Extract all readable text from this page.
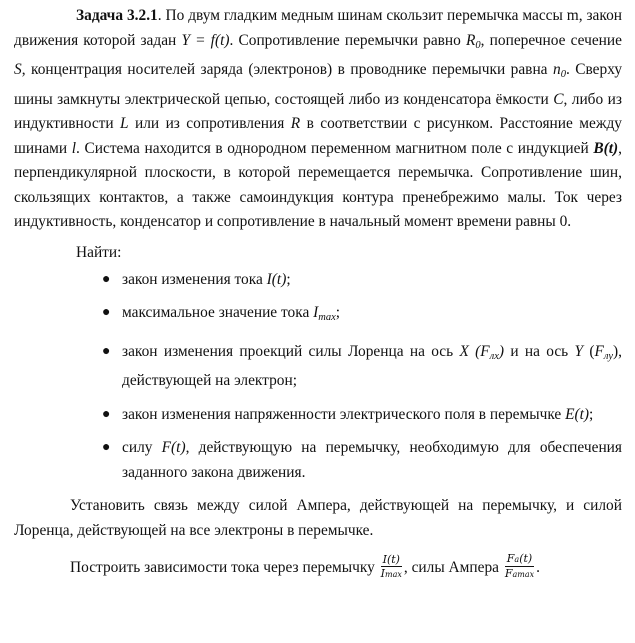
Задача 3.2.1. По двум гладким медным шинам скользит перемычка массы m, закон движения которой задан Y = f(t). Сопротивление перемычки равно $R_0$, поперечное сечение S, концентрация носителей заряда (электронов) в проводнике перемычки равна $n_0$. Сверху шины замкнуты электрической цепью, состоящей либо из конденсатора ёмкости C, либо из индуктивности L или из сопротивления R в соответствии с рисунком. Расстояние между шинами l. Система находится в однородном переменном магнитном поле с индукцией B(t), перпендикулярной плоскости, в которой перемещается перемычка. Сопротивление шин, скользящих контактов, а также самоиндукция контура пренебрежимо малы. Ток через индуктивность, конденсатор и сопротивление в начальный момент времени равны 0.

Найти:

● закон изменения тока I(t);
● максимальное значение тока $I_{max}$;
● закон изменения проекций силы Лоренца на ось X $(F_{лх})$ и на ось Y $(F_{лу})$, действующей на электрон;
● закон изменения напряженности электрического поля в перемычке E(t);
● силу F(t), действующую на перемычку, необходимую для обеспечения заданного закона движения.

Установить связь между силой Ампера, действующей на перемычку, и силой Лоренца, действующей на все электроны в перемычке.

Построить зависимости тока через перемычку $\frac{I(t)}{Imax}$ , силы Ампера $\frac{Fa(t)}{Famax}$ .
